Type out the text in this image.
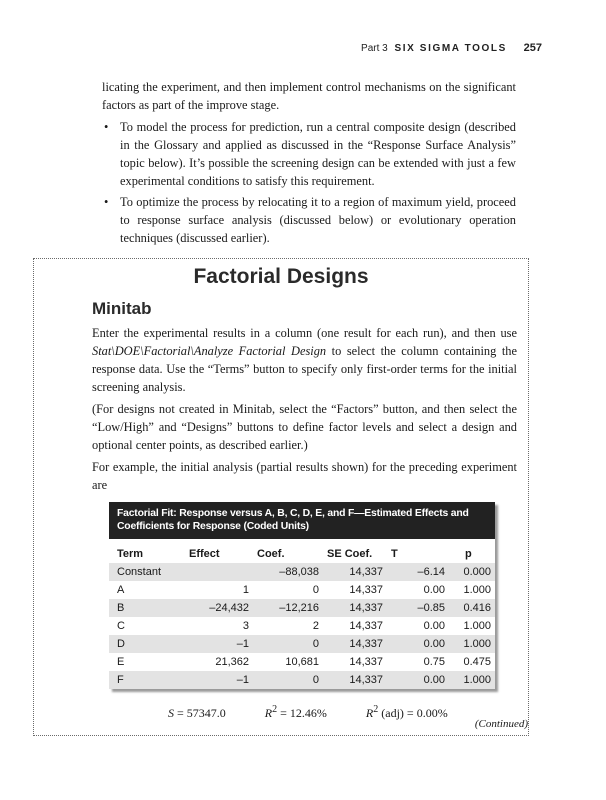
Part 3 SIX SIGMA TOOLS 257

licating the experiment, and then implement control mechanisms on the significant factors as part of the improve stage.

• To model the process for prediction, run a central composite design (described in the Glossary and applied as discussed in the “Response Surface Analysis” topic below). It’s possible the screening design can be extended with just a few experimental conditions to satisfy this requirement.
• To optimize the process by relocating it to a region of maximum yield, proceed to response surface analysis (discussed below) or evolutionary operation techniques (discussed earlier).
Factorial Designs
Minitab

Enter the experimental results in a column (one result for each run), and then use Stat\DOE\Factorial\Analyze Factorial Design to select the column containing the response data. Use the “Terms” button to specify only first-order terms for the initial screening analysis.

(For designs not created in Minitab, select the “Factors” button, and then select the “Low/High” and “Designs” buttons to define factor levels and select a design and optional center points, as described earlier.)

For example, the initial analysis (partial results shown) for the preceding experiment are

Factorial Fit: Response versus A, B, C, D, E, and F—Estimated Effects and Coefficients for Response (Coded Units)
Term	Effect	Coef.	SE Coef.	T	p
Constant		–88,038	14,337	–6.14	0.000
A	1	0	14,337	0.00	1.000
B	–24,432	–12,216	14,337	–0.85	0.416
C	3	2	14,337	0.00	1.000
D	–1	0	14,337	0.00	1.000
E	21,362	10,681	14,337	0.75	0.475
F	–1	0	14,337	0.00	1.000
S = 57347.0	$R^2 = 12.46\%$	$R^2$ (adj) = 0.00%
(Continued)
